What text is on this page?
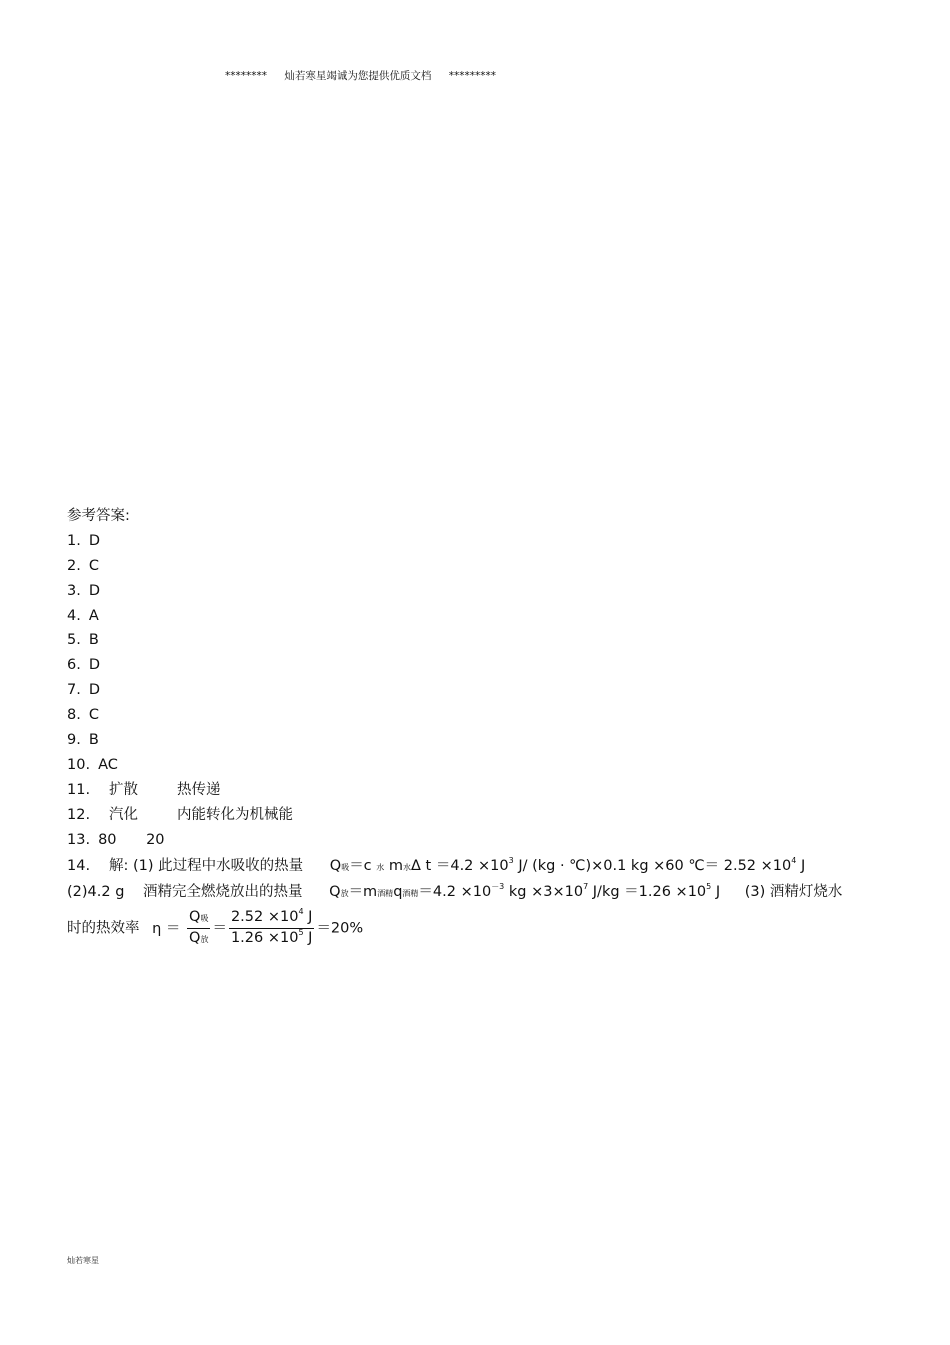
******** 灿若寒星竭诚为您提供优质文档 *********
参考答案:
1. D
2. C
3. D
4. A
5. B
6. D
7. D
8. C
9. B
10. AC
11. 扩散	热传递
12. 汽化	内能转化为机械能
13. 80 20
14. 解: (1) 此过程中水吸收的热量 Q吸＝c 水 m水Δ $t =4.2 \times 10^3$ J/ (kg · ℃)×0.1 kg ×60 ℃＝ $2.52 \times 10^4$ J
(2)4.2 g 酒精完全燃烧放出的热量 Q放＝m酒精q酒精$=4.2 \times 10^{-3}$ kg $\times 3\times 10^7$ $J/kg =1.26 \times 10^5$ J (3) 酒精灯烧水
时的热效率 $\eta = \frac{\text{Q吸}}{\text{Q放}} = \frac{2.52 \times 10^4 J}{1.26 \times 10^5 J} =20\%$
灿若寒星
